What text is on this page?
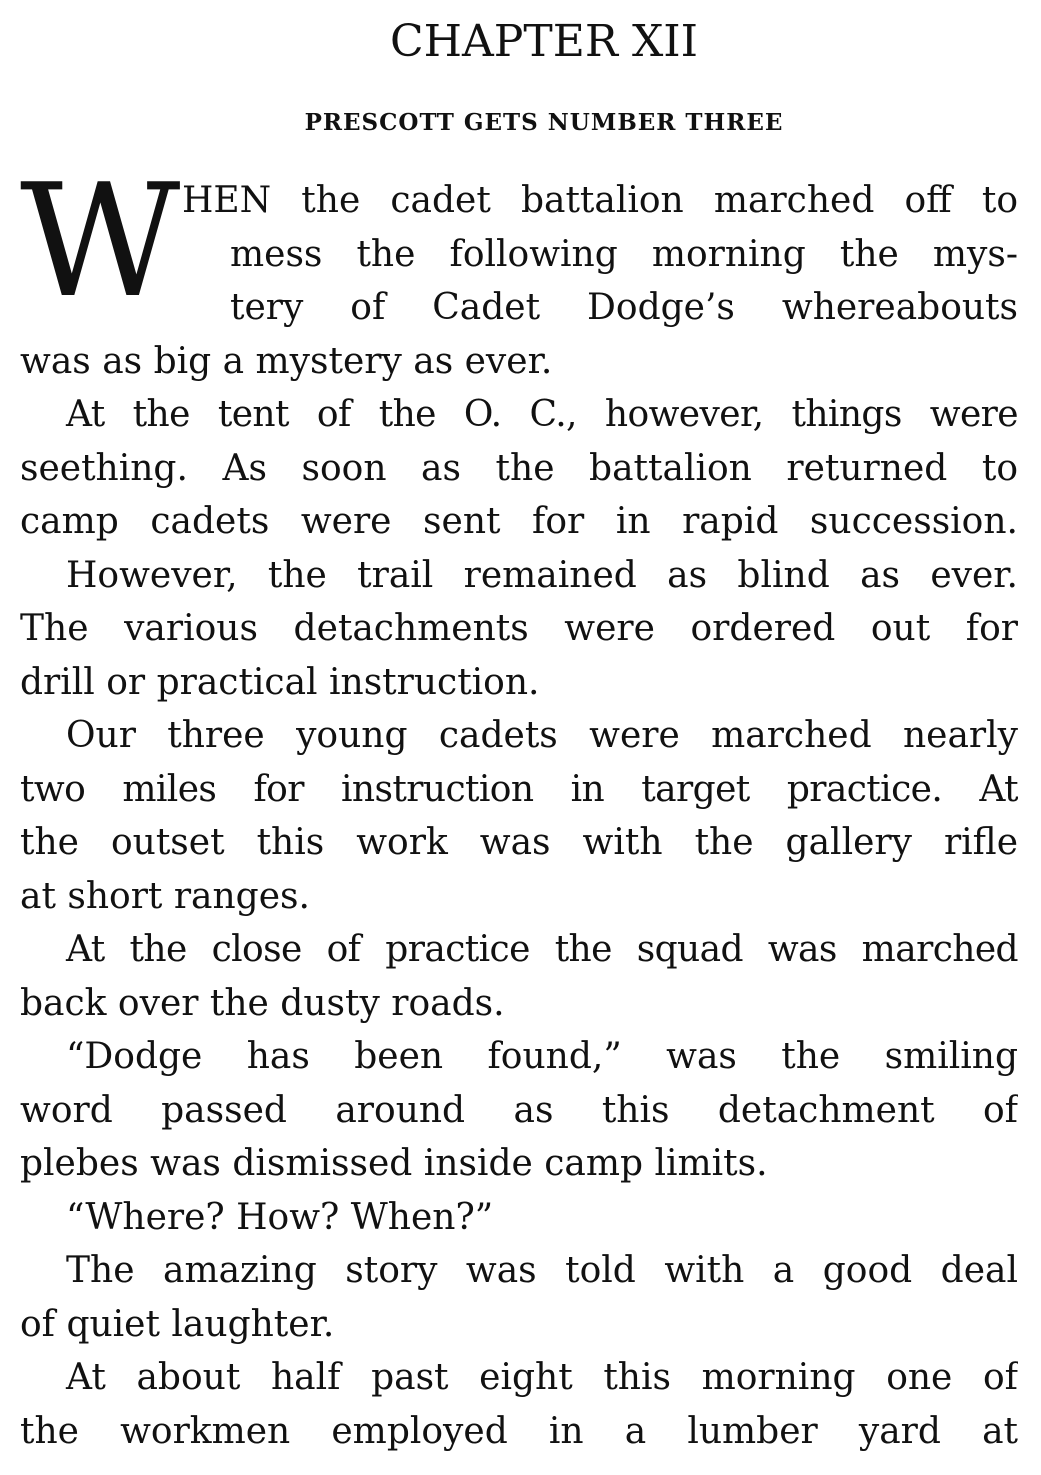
CHAPTER XII
PRESCOTT GETS NUMBER THREE
W HEN the cadet battalion marched off to
mess the following morning the mys-
tery of Cadet Dodge’s whereabouts
was as big a mystery as ever.
At the tent of the O. C., however, things were
seething. As soon as the battalion returned to
camp cadets were sent for in rapid succession.
However, the trail remained as blind as ever.
The various detachments were ordered out for
drill or practical instruction.
Our three young cadets were marched nearly
two miles for instruction in target practice. At
the outset this work was with the gallery rifle
at short ranges.
At the close of practice the squad was marched
back over the dusty roads.
“Dodge has been found,” was the smiling
word passed around as this detachment of
plebes was dismissed inside camp limits.
“Where? How? When?”
The amazing story was told with a good deal
of quiet laughter.
At about half past eight this morning one of
the workmen employed in a lumber yard at
